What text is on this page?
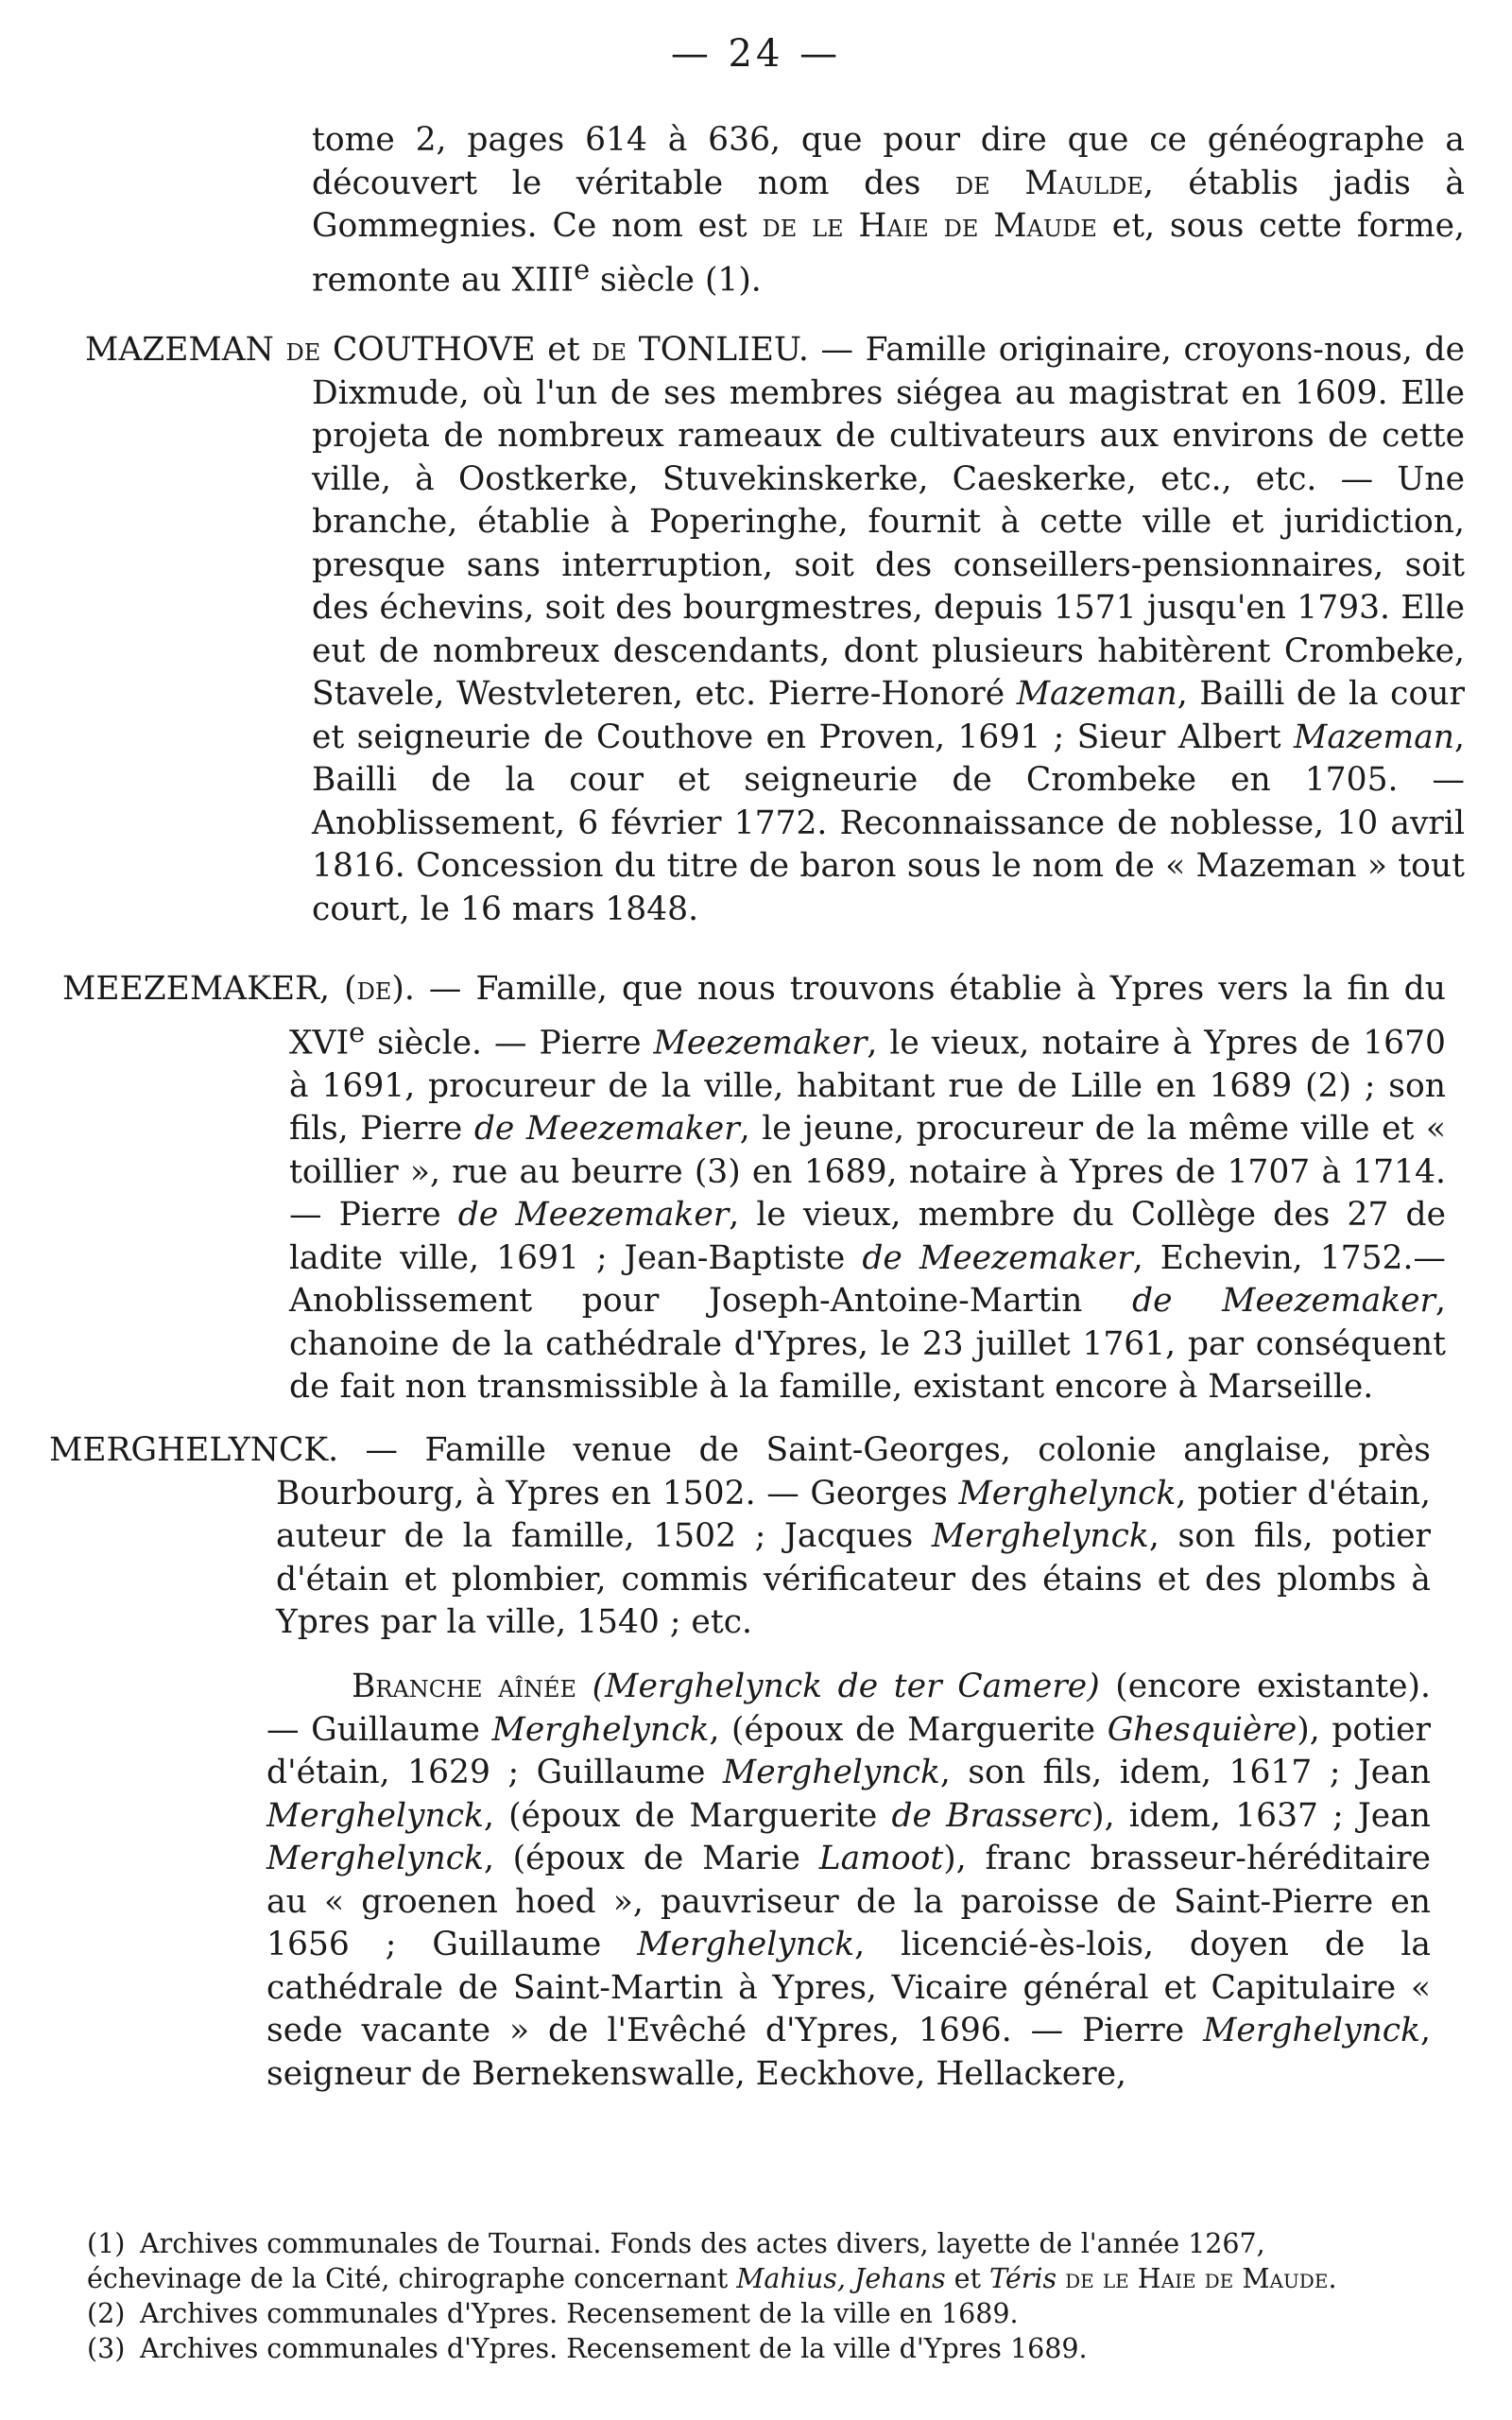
— 24 —

tome 2, pages 614 à 636, que pour dire que ce généographe a découvert le véritable nom des de Maulde, établis jadis à Gommegnies. Ce nom est de le Haie de Maude et, sous cette forme, remonte au XIIIe siècle (1).

MAZEMAN de COUTHOVE et de TONLIEU. — Famille originaire, croyons-nous, de Dixmude, où l'un de ses membres siégea au magistrat en 1609. Elle projeta de nombreux rameaux de cultivateurs aux environs de cette ville, à Oostkerke, Stuvekinskerke, Caeskerke, etc., etc. — Une branche, établie à Poperinghe, fournit à cette ville et juridiction, presque sans interruption, soit des conseillers-pensionnaires, soit des échevins, soit des bourgmestres, depuis 1571 jusqu'en 1793. Elle eut de nombreux descendants, dont plusieurs habitèrent Crombeke, Stavele, Westvleteren, etc. Pierre-Honoré Mazeman, Bailli de la cour et seigneurie de Couthove en Proven, 1691 ; Sieur Albert Mazeman, Bailli de la cour et seigneurie de Crombeke en 1705. — Anoblissement, 6 février 1772. Reconnaissance de noblesse, 10 avril 1816. Concession du titre de baron sous le nom de « Mazeman » tout court, le 16 mars 1848.

MEEZEMAKER, (de). — Famille, que nous trouvons établie à Ypres vers la fin du XVIe siècle. — Pierre Meezemaker, le vieux, notaire à Ypres de 1670 à 1691, procureur de la ville, habitant rue de Lille en 1689 (2) ; son fils, Pierre de Meezemaker, le jeune, procureur de la même ville et « toillier », rue au beurre (3) en 1689, notaire à Ypres de 1707 à 1714. — Pierre de Meezemaker, le vieux, membre du Collège des 27 de ladite ville, 1691 ; Jean-Baptiste de Meezemaker, Echevin, 1752.—Anoblissement pour Joseph-Antoine-Martin de Meezemaker, chanoine de la cathédrale d'Ypres, le 23 juillet 1761, par conséquent de fait non transmissible à la famille, existant encore à Marseille.

MERGHELYNCK. — Famille venue de Saint-Georges, colonie anglaise, près Bourbourg, à Ypres en 1502. — Georges Merghelynck, potier d'étain, auteur de la famille, 1502 ; Jacques Merghelynck, son fils, potier d'étain et plombier, commis vérificateur des étains et des plombs à Ypres par la ville, 1540 ; etc.

Branche aînée (Merghelynck de ter Camere) (encore existante). — Guillaume Merghelynck, (époux de Marguerite Ghesquière), potier d'étain, 1629 ; Guillaume Merghelynck, son fils, idem, 1617 ; Jean Merghelynck, (époux de Marguerite de Brasserc), idem, 1637 ; Jean Merghelynck, (époux de Marie Lamoot), franc brasseur-héréditaire au « groenen hoed », pauvriseur de la paroisse de Saint-Pierre en 1656 ; Guillaume Merghelynck, licencié-ès-lois, doyen de la cathédrale de Saint-Martin à Ypres, Vicaire général et Capitulaire « sede vacante » de l'Evêché d'Ypres, 1696. — Pierre Merghelynck, seigneur de Bernekenswalle, Eeckhove, Hellackere,

(1) Archives communales de Tournai. Fonds des actes divers, layette de l'année 1267, échevinage de la Cité, chirographe concernant Mahius, Jehans et Téris de le Haie de Maude.

(2) Archives communales d'Ypres. Recensement de la ville en 1689.

(3) Archives communales d'Ypres. Recensement de la ville d'Ypres 1689.
